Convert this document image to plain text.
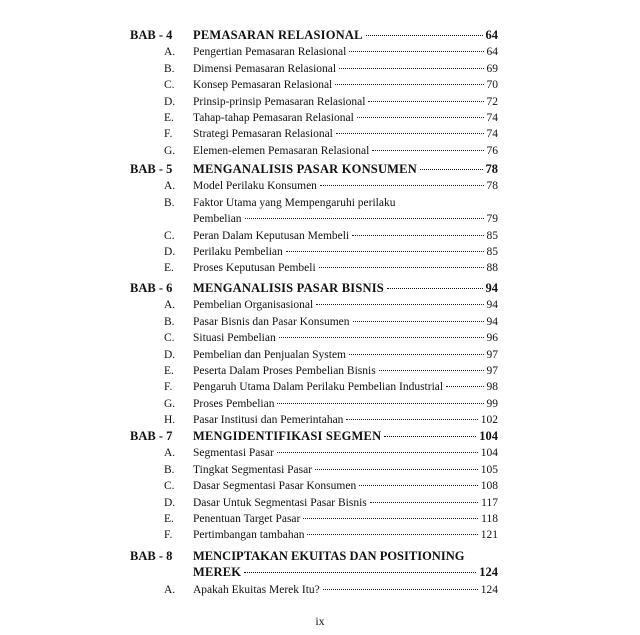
BAB - 4 PEMASARAN RELASIONAL	64
A.	Pengertian Pemasaran Relasional	64
B.	Dimensi Pemasaran Relasional	69
C.	Konsep Pemasaran Relasional	70
D.	Prinsip-prinsip Pemasaran Relasional	72
E.	Tahap-tahap Pemasaran Relasional	74
F.	Strategi Pemasaran Relasional	74
G.	Elemen-elemen Pemasaran Relasional	76
BAB - 5 MENGANALISIS PASAR KONSUMEN	78
A.	Model Perilaku Konsumen	78
B.	Faktor Utama yang Mempengaruhi perilaku
Pembelian	79
C.	Peran Dalam Keputusan Membeli	85
D.	Perilaku Pembelian	85
E.	Proses Keputusan Pembeli	88
BAB - 6 MENGANALISIS PASAR BISNIS	94
A.	Pembelian Organisasional	94
B.	Pasar Bisnis dan Pasar Konsumen	94
C.	Situasi Pembelian	96
D.	Pembelian dan Penjualan System	97
E.	Peserta Dalam Proses Pembelian Bisnis	97
F.	Pengaruh Utama Dalam Perilaku Pembelian Industrial	98
G.	Proses Pembelian	99
H.	Pasar Institusi dan Pemerintahan	102
BAB - 7 MENGIDENTIFIKASI SEGMEN	104
A.	Segmentasi Pasar	104
B.	Tingkat Segmentasi Pasar	105
C.	Dasar Segmentasi Pasar Konsumen	108
D.	Dasar Untuk Segmentasi Pasar Bisnis	117
E.	Penentuan Target Pasar	118
F.	Pertimbangan tambahan	121
BAB - 8 MENCIPTAKAN EKUITAS DAN POSITIONING
MEREK	124
A.	Apakah Ekuitas Merek Itu?	124
ix
